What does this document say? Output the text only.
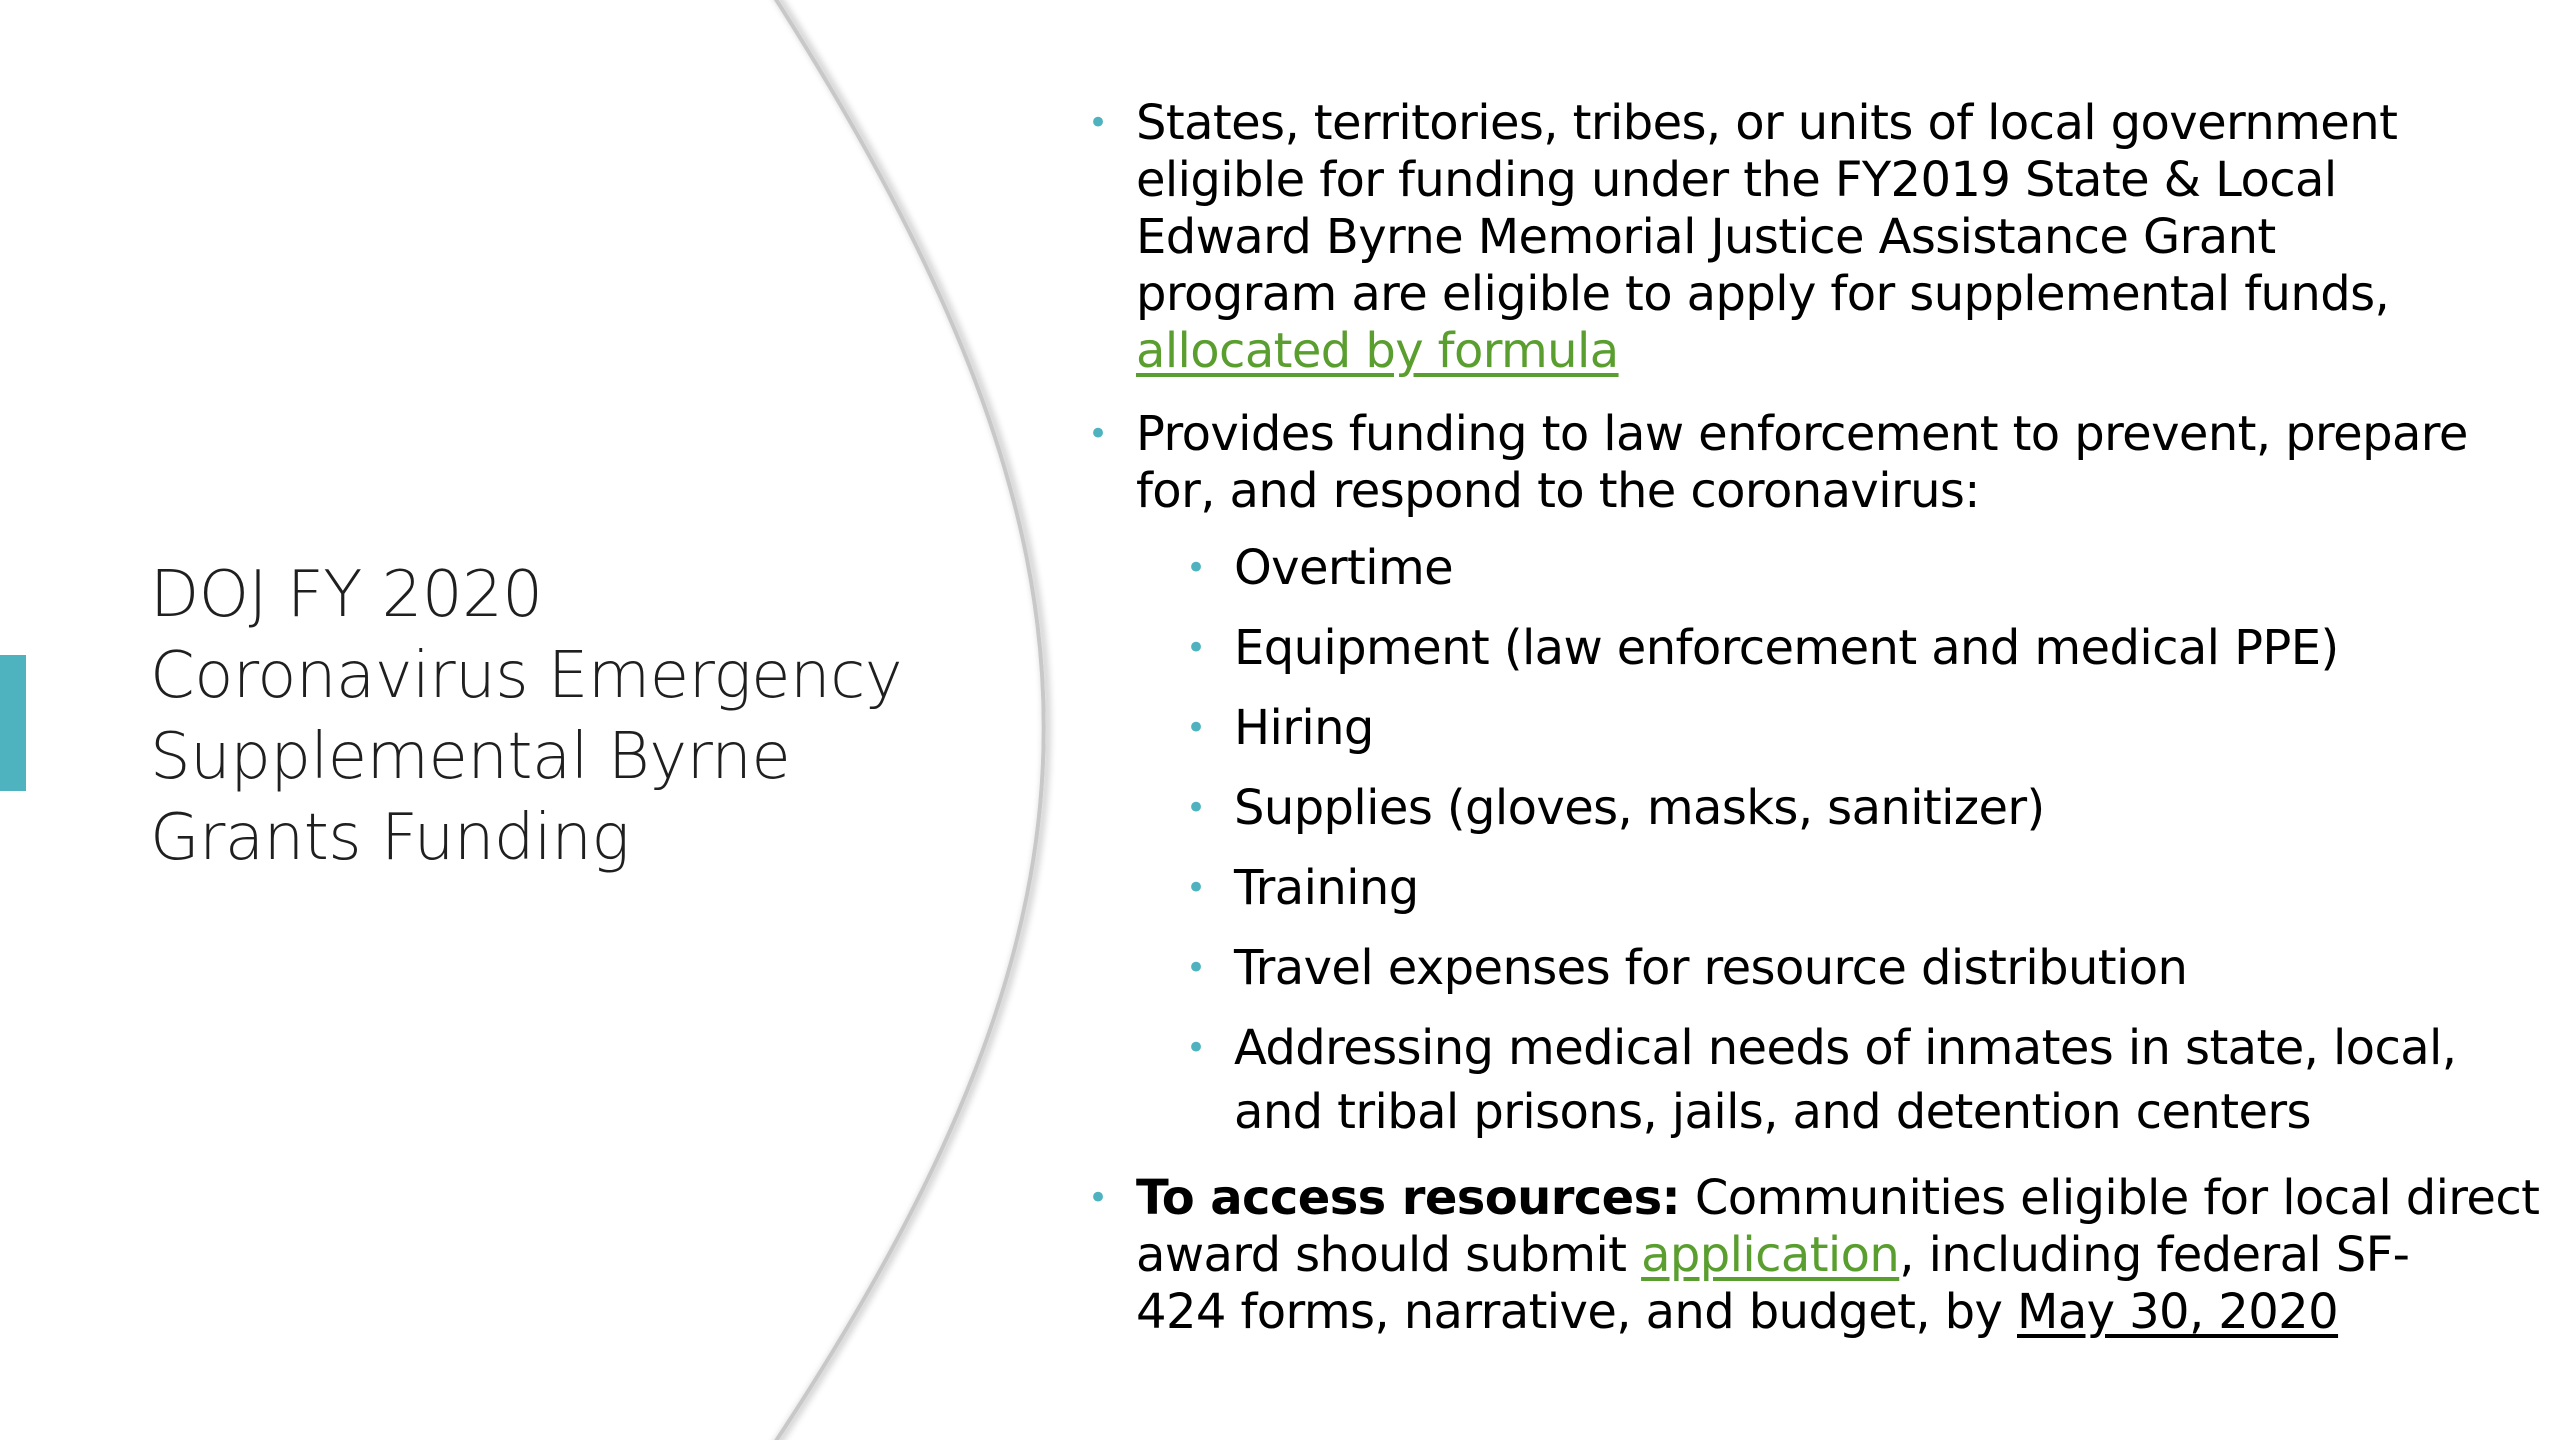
DOJ FY 2020
Coronavirus Emergency
Supplemental Byrne
Grants Funding
• States, territories, tribes, or units of local government
eligible for funding under the FY2019 State & Local
Edward Byrne Memorial Justice Assistance Grant
program are eligible to apply for supplemental funds,
allocated by formula
• Provides funding to law enforcement to prevent, prepare
for, and respond to the coronavirus:
• Overtime
• Equipment (law enforcement and medical PPE)
• Hiring
• Supplies (gloves, masks, sanitizer)
• Training
• Travel expenses for resource distribution
• Addressing medical needs of inmates in state, local,
and tribal prisons, jails, and detention centers
• To access resources: Communities eligible for local direct
award should submit application, including federal SF-
424 forms, narrative, and budget, by May 30, 2020
